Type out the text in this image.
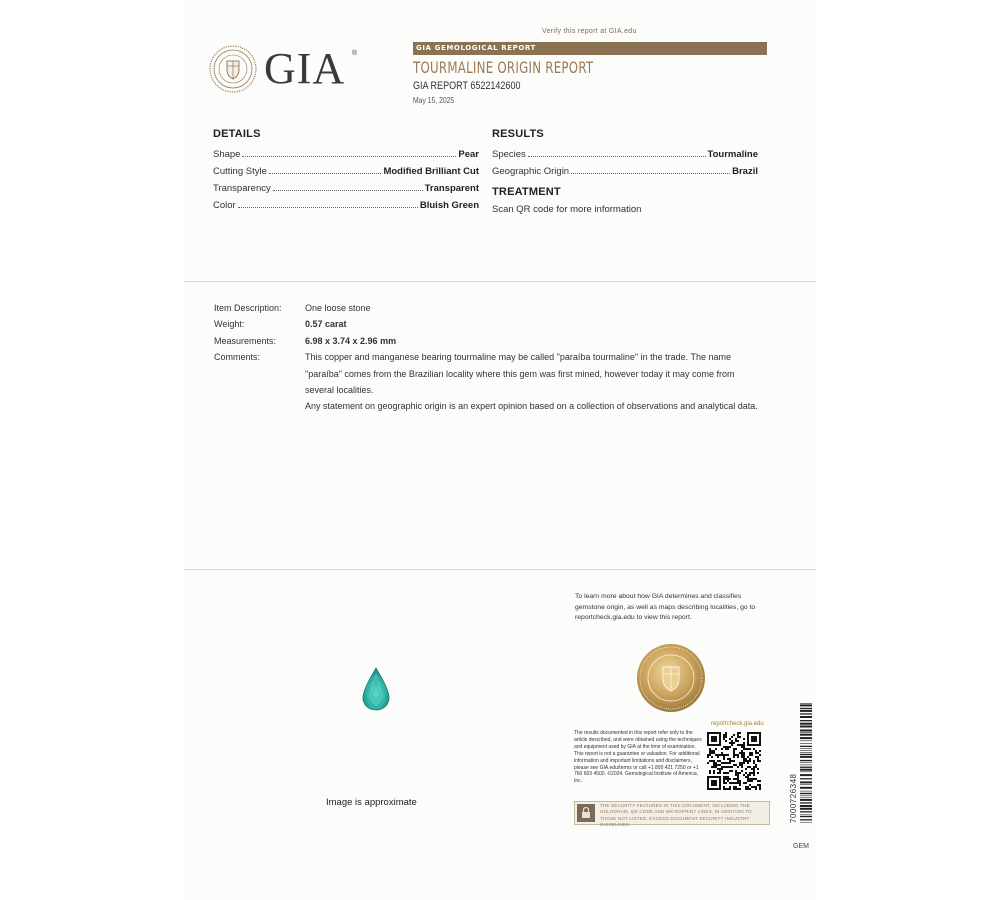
Verify this report at GIA.edu
GIA ®
GIA GEMOLOGICAL REPORT
TOURMALINE ORIGIN REPORT
GIA REPORT 6522142600
May 15, 2025
DETAILS
Shape	Pear
Cutting Style	Modified Brilliant Cut
Transparency	Transparent
Color	Bluish Green
RESULTS
Species	Tourmaline
Geographic Origin	Brazil
TREATMENT
Scan QR code for more information
Item Description:	One loose stone
Weight:	0.57 carat
Measurements:	6.98 x 3.74 x 2.96 mm
Comments:	This copper and manganese bearing tourmaline may be called "paraíba tourmaline" in the trade. The name "paraíba" comes from the Brazilian locality where this gem was first mined, however today it may come from several localities.
Any statement on geographic origin is an expert opinion based on a collection of observations and analytical data.
Image is approximate
To learn more about how GIA determines and classifies gemstone origin, as well as maps describing localities, go to reportcheck.gia.edu to view this report.
reportcheck.gia.edu
The results documented in this report refer only to the article described, and were obtained using the techniques and equipment used by GIA at the time of examination. This report is not a guarantee or valuation. For additional information and important limitations and disclaimers, please see GIA.edu/terms or call +1 800 421 7250 or +1 760 603 4500. ©2024. Gemological Institute of America, Inc.
THE SECURITY FEATURES IN THIS DOCUMENT, INCLUDING THE HOLOGRAM, QR CODE AND MICROPRINT LINES, IN ADDITION TO THOSE NOT LISTED, EXCEED DOCUMENT SECURITY INDUSTRY GUIDELINES.
7000726348
GEM
